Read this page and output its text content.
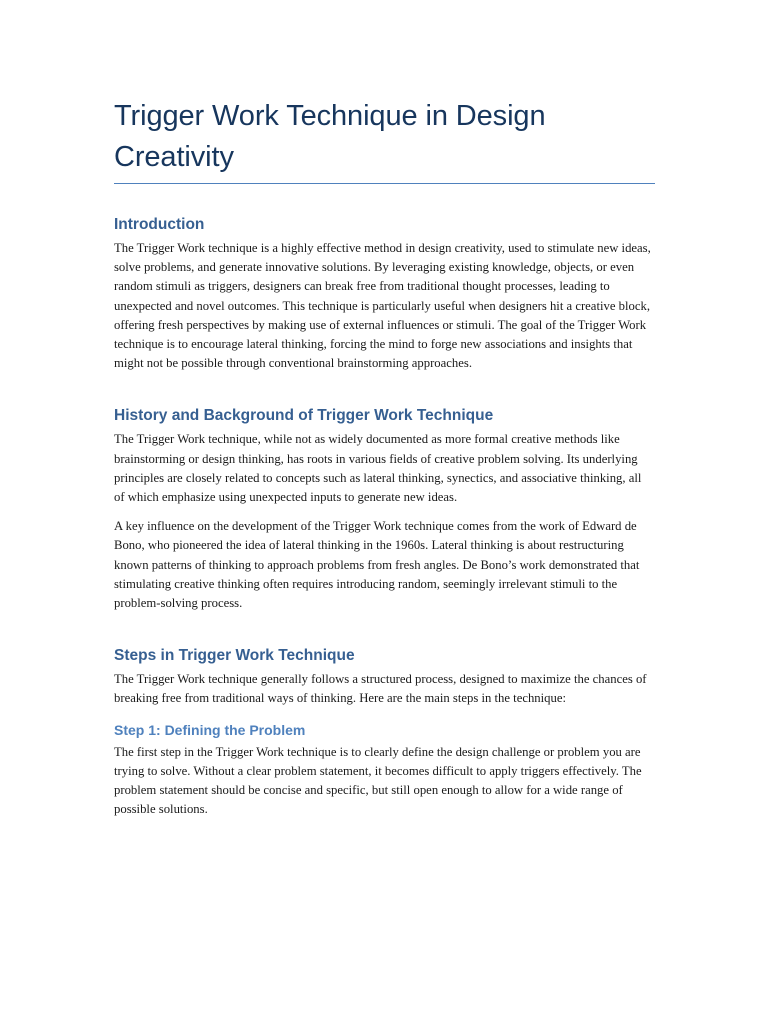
Trigger Work Technique in Design Creativity
Introduction

The Trigger Work technique is a highly effective method in design creativity, used to stimulate new ideas, solve problems, and generate innovative solutions. By leveraging existing knowledge, objects, or even random stimuli as triggers, designers can break free from traditional thought processes, leading to unexpected and novel outcomes. This technique is particularly useful when designers hit a creative block, offering fresh perspectives by making use of external influences or stimuli. The goal of the Trigger Work technique is to encourage lateral thinking, forcing the mind to forge new associations and insights that might not be possible through conventional brainstorming approaches.

History and Background of Trigger Work Technique

The Trigger Work technique, while not as widely documented as more formal creative methods like brainstorming or design thinking, has roots in various fields of creative problem solving. Its underlying principles are closely related to concepts such as lateral thinking, synectics, and associative thinking, all of which emphasize using unexpected inputs to generate new ideas.

A key influence on the development of the Trigger Work technique comes from the work of Edward de Bono, who pioneered the idea of lateral thinking in the 1960s. Lateral thinking is about restructuring known patterns of thinking to approach problems from fresh angles. De Bono’s work demonstrated that stimulating creative thinking often requires introducing random, seemingly irrelevant stimuli to the problem-solving process.

Steps in Trigger Work Technique

The Trigger Work technique generally follows a structured process, designed to maximize the chances of breaking free from traditional ways of thinking. Here are the main steps in the technique:

Step 1: Defining the Problem

The first step in the Trigger Work technique is to clearly define the design challenge or problem you are trying to solve. Without a clear problem statement, it becomes difficult to apply triggers effectively. The problem statement should be concise and specific, but still open enough to allow for a wide range of possible solutions.
